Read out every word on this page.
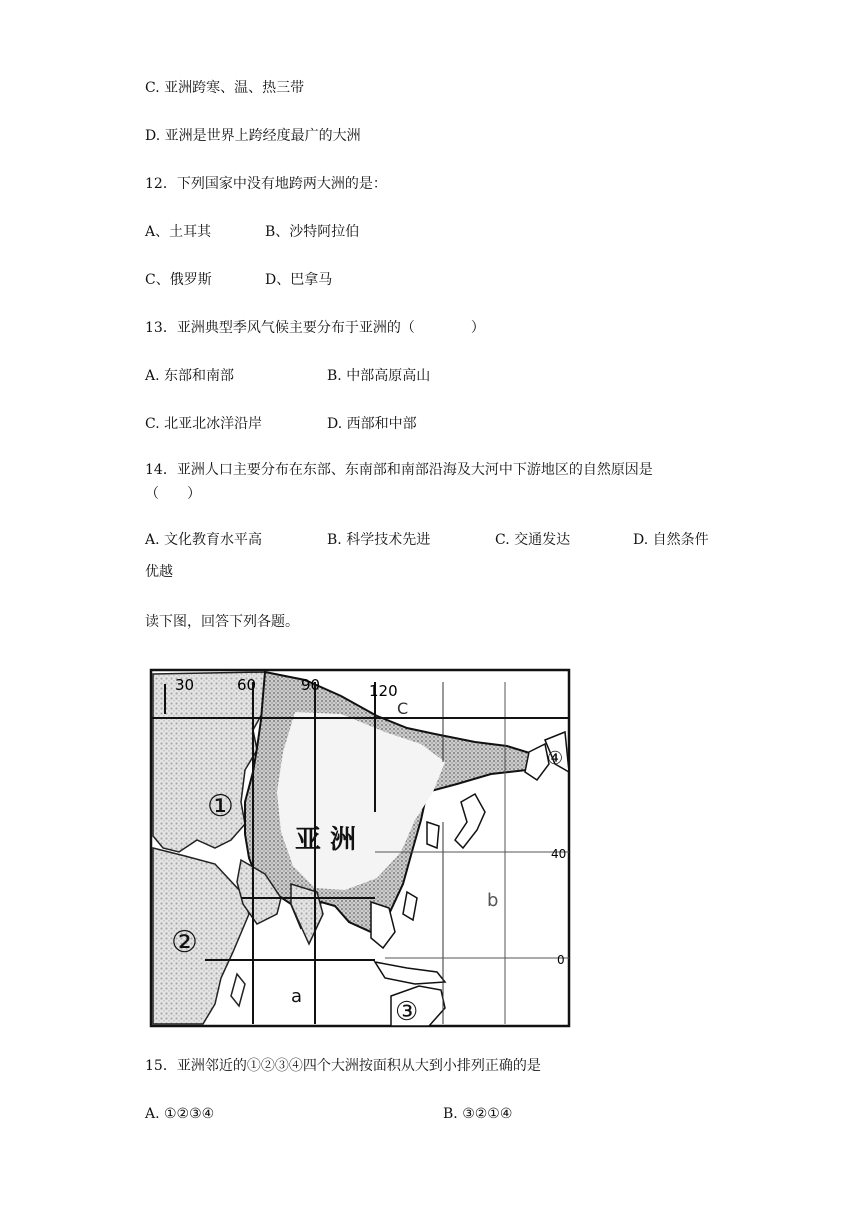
C. 亚洲跨寒、温、热三带
D. 亚洲是世界上跨经度最广的大洲
12．下列国家中没有地跨两大洲的是：
A、土耳其	B、沙特阿拉伯
C、俄罗斯	D、巴拿马
13．亚洲典型季风气候主要分布于亚洲的（　　　　）
A. 东部和南部	B. 中部高原高山
C. 北亚北冰洋沿岸	D. 西部和中部
14．亚洲人口主要分布在东部、东南部和南部沿海及大河中下游地区的自然原因是
（　　）
A. 文化教育水平高	B. 科学技术先进	C. 交通发达	D. 自然条件
优越
读下图，回答下列各题。
30	60	90	120
40
0
C
b
a
亚 洲
①
②
③
④
15．亚洲邻近的①②③④四个大洲按面积从大到小排列正确的是
A. ①②③④	B. ③②①④
